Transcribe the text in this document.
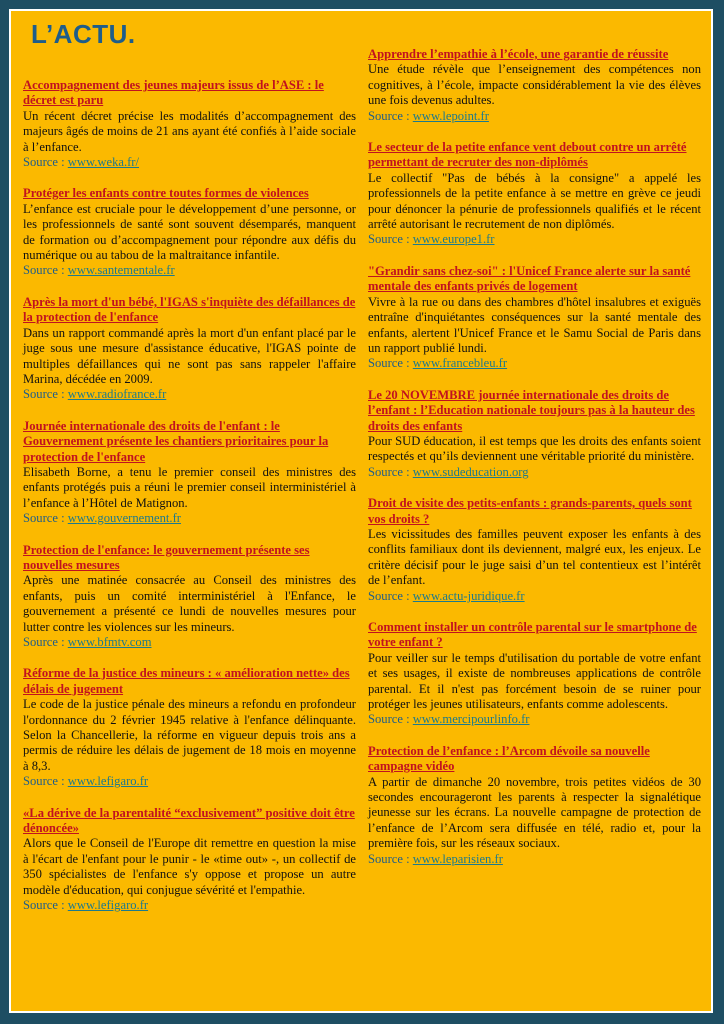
L’ACTU.
Accompagnement des jeunes majeurs issus de l’ASE : le décret est paru
Un récent décret précise les modalités d’accompagnement des majeurs âgés de moins de 21 ans ayant été confiés à l’aide sociale à l’enfance.
Source : www.weka.fr/
Protéger les enfants contre toutes formes de violences
L’enfance est cruciale pour le développement d’une personne, or les professionnels de santé sont souvent désemparés, manquent de formation ou d’accompagnement pour répondre aux défis du numérique ou au tabou de la maltraitance infantile.
Source : www.santementale.fr
Après la mort d'un bébé, l'IGAS s'inquiète des défaillances de la protection de l'enfance
Dans un rapport commandé après la mort d'un enfant placé par le juge sous une mesure d'assistance éducative, l'IGAS pointe de multiples défaillances qui ne sont pas sans rappeler l'affaire Marina, décédée en 2009.
Source : www.radiofrance.fr
Journée internationale des droits de l'enfant : le Gouvernement présente les chantiers prioritaires pour la protection de l'enfance
Elisabeth Borne, a tenu le premier conseil des ministres des enfants protégés puis a réuni le premier conseil interministériel à l’enfance à l’Hôtel de Matignon.
Source : www.gouvernement.fr
Protection de l'enfance: le gouvernement présente ses nouvelles mesures
Après une matinée consacrée au Conseil des ministres des enfants, puis un comité interministériel à l'Enfance, le gouvernement a présenté ce lundi de nouvelles mesures pour lutter contre les violences sur les mineurs.
Source : www.bfmtv.com
Réforme de la justice des mineurs : « amélioration nette» des délais de jugement
Le code de la justice pénale des mineurs a refondu en profondeur l'ordonnance du 2 février 1945 relative à l'enfance délinquante. Selon la Chancellerie, la réforme en vigueur depuis trois ans a permis de réduire les délais de jugement de 18 mois en moyenne à 8,3.
Source : www.lefigaro.fr
«La dérive de la parentalité “exclusivement” positive doit être dénoncée»
Alors que le Conseil de l'Europe dit remettre en question la mise à l'écart de l'enfant pour le punir - le «time out» -, un collectif de 350 spécialistes de l'enfance s'y oppose et propose un autre modèle d'éducation, qui conjugue sévérité et l'empathie.
Source : www.lefigaro.fr
Apprendre l’empathie à l’école, une garantie de réussite
Une étude révèle que l’enseignement des compétences non cognitives, à l’école, impacte considérablement la vie des élèves une fois devenus adultes.
Source : www.lepoint.fr
Le secteur de la petite enfance vent debout contre un arrêté permettant de recruter des non-diplômés
Le collectif "Pas de bébés à la consigne" a appelé les professionnels de la petite enfance à se mettre en grève ce jeudi pour dénoncer la pénurie de professionnels qualifiés et le récent arrêté autorisant le recrutement de non diplômés.
Source : www.europe1.fr
"Grandir sans chez-soi" : l'Unicef France alerte sur la santé mentale des enfants privés de logement
Vivre à la rue ou dans des chambres d'hôtel insalubres et exiguës entraîne d'inquiétantes conséquences sur la santé mentale des enfants, alertent l'Unicef France et le Samu Social de Paris dans un rapport publié lundi.
Source : www.francebleu.fr
Le 20 NOVEMBRE journée internationale des droits de l’enfant : l’Education nationale toujours pas à la hauteur des droits des enfants
Pour SUD éducation, il est temps que les droits des enfants soient respectés et qu’ils deviennent une véritable priorité du ministère.
Source : www.sudeducation.org
Droit de visite des petits-enfants : grands-parents, quels sont vos droits ?
Les vicissitudes des familles peuvent exposer les enfants à des conflits familiaux dont ils deviennent, malgré eux, les enjeux. Le critère décisif pour le juge saisi d’un tel contentieux est l’intérêt de l’enfant.
Source : www.actu-juridique.fr
Comment installer un contrôle parental sur le smartphone de votre enfant ?
Pour veiller sur le temps d'utilisation du portable de votre enfant et ses usages, il existe de nombreuses applications de contrôle parental. Et il n'est pas forcément besoin de se ruiner pour protéger les jeunes utilisateurs, enfants comme adolescents.
Source : www.mercipourlinfo.fr
Protection de l’enfance : l’Arcom dévoile sa nouvelle campagne vidéo
A partir de dimanche 20 novembre, trois petites vidéos de 30 secondes encourageront les parents à respecter la signalétique jeunesse sur les écrans. La nouvelle campagne de protection de l’enfance de l’Arcom sera diffusée en télé, radio et, pour la première fois, sur les réseaux sociaux.
Source : www.leparisien.fr
